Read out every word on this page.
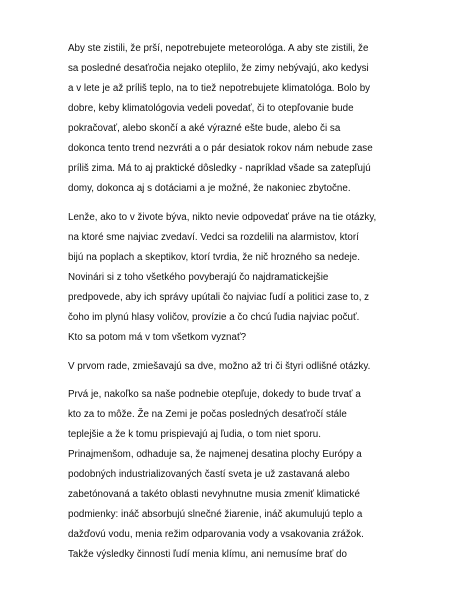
Aby ste zistili, že prší, nepotrebujete meteorológa. A aby ste zistili, že
sa posledné desaťročia nejako oteplilo, že zimy nebývajú, ako kedysi
a v lete je až príliš teplo, na to tiež nepotrebujete klimatológa. Bolo by
dobre, keby klimatológovia vedeli povedať, či to otepľovanie bude
pokračovať, alebo skončí a aké výrazné ešte bude, alebo či sa
dokonca tento trend nezvráti a o pár desiatok rokov nám nebude zase
príliš zima. Má to aj praktické dôsledky - napríklad všade sa zatepľujú
domy, dokonca aj s dotáciami a je možné, že nakoniec zbytočne.

Lenže, ako to v živote býva, nikto nevie odpovedať práve na tie otázky,
na ktoré sme najviac zvedaví. Vedci sa rozdelili na alarmistov, ktorí
bijú na poplach a skeptikov, ktorí tvrdia, že nič hrozného sa nedeje.
Novinári si z toho všetkého povyberajú čo najdramatickejšie
predpovede, aby ich správy upútali čo najviac ľudí a politici zase to, z
čoho im plynú hlasy voličov, provízie a čo chcú ľudia najviac počuť.
Kto sa potom má v tom všetkom vyznať?

V prvom rade, zmiešavajú sa dve, možno až tri či štyri odlišné otázky.

Prvá je, nakoľko sa naše podnebie otepľuje, dokedy to bude trvať a
kto za to môže. Že na Zemi je počas posledných desaťročí stále
teplejšie a že k tomu prispievajú aj ľudia, o tom niet sporu.
Prinajmenšom, odhaduje sa, že najmenej desatina plochy Európy a
podobných industrializovaných častí sveta je už zastavaná alebo
zabetónovaná a takéto oblasti nevyhnutne musia zmeniť klimatické
podmienky: ináč absorbujú slnečné žiarenie, ináč akumulujú teplo a
dažďovú vodu, menia režim odparovania vody a vsakovania zrážok.
Takže výsledky činnosti ľudí menia klímu, ani nemusíme brať do
